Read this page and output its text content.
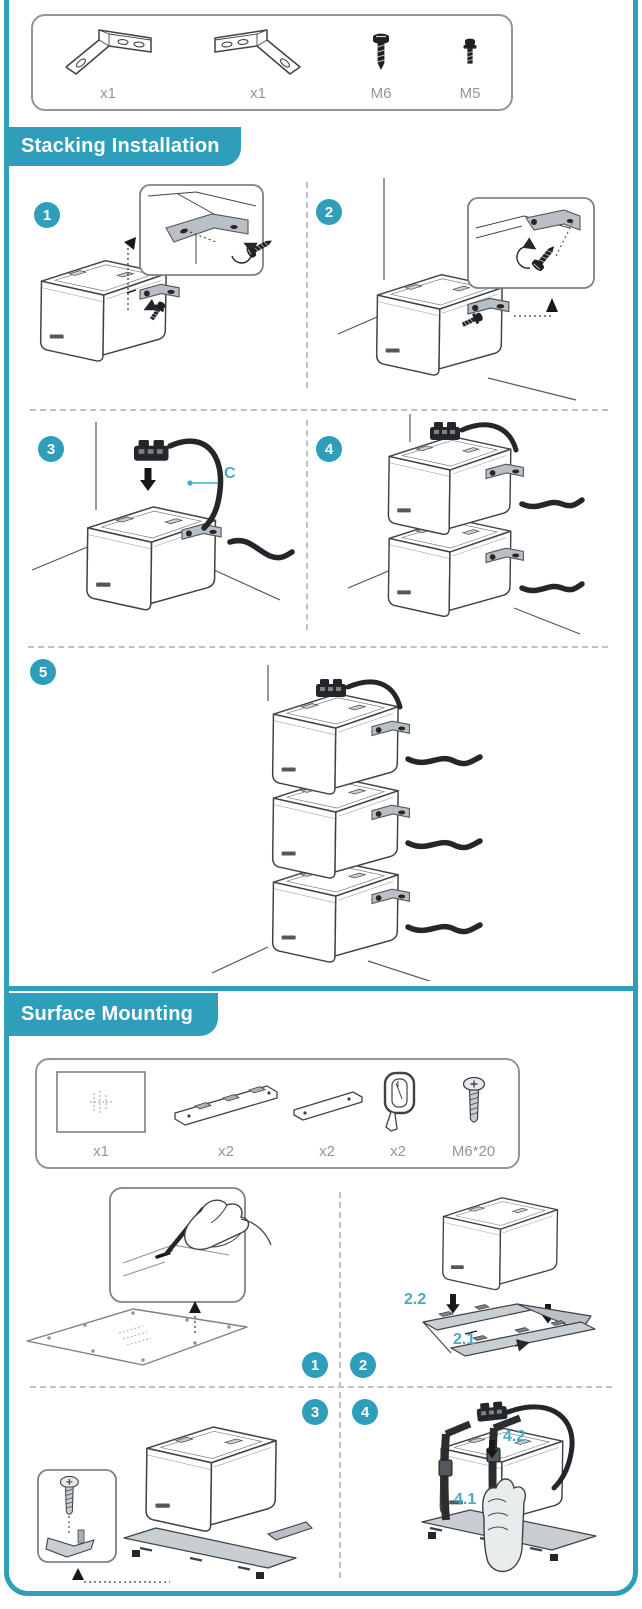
x1	x1	M6	M5
Stacking Installation
1	2
3	4
5
C
Surface Mounting
x1	x2	x2	x2	M6*20
1	2
3	4
2.2
2.1
4.2
4.1
